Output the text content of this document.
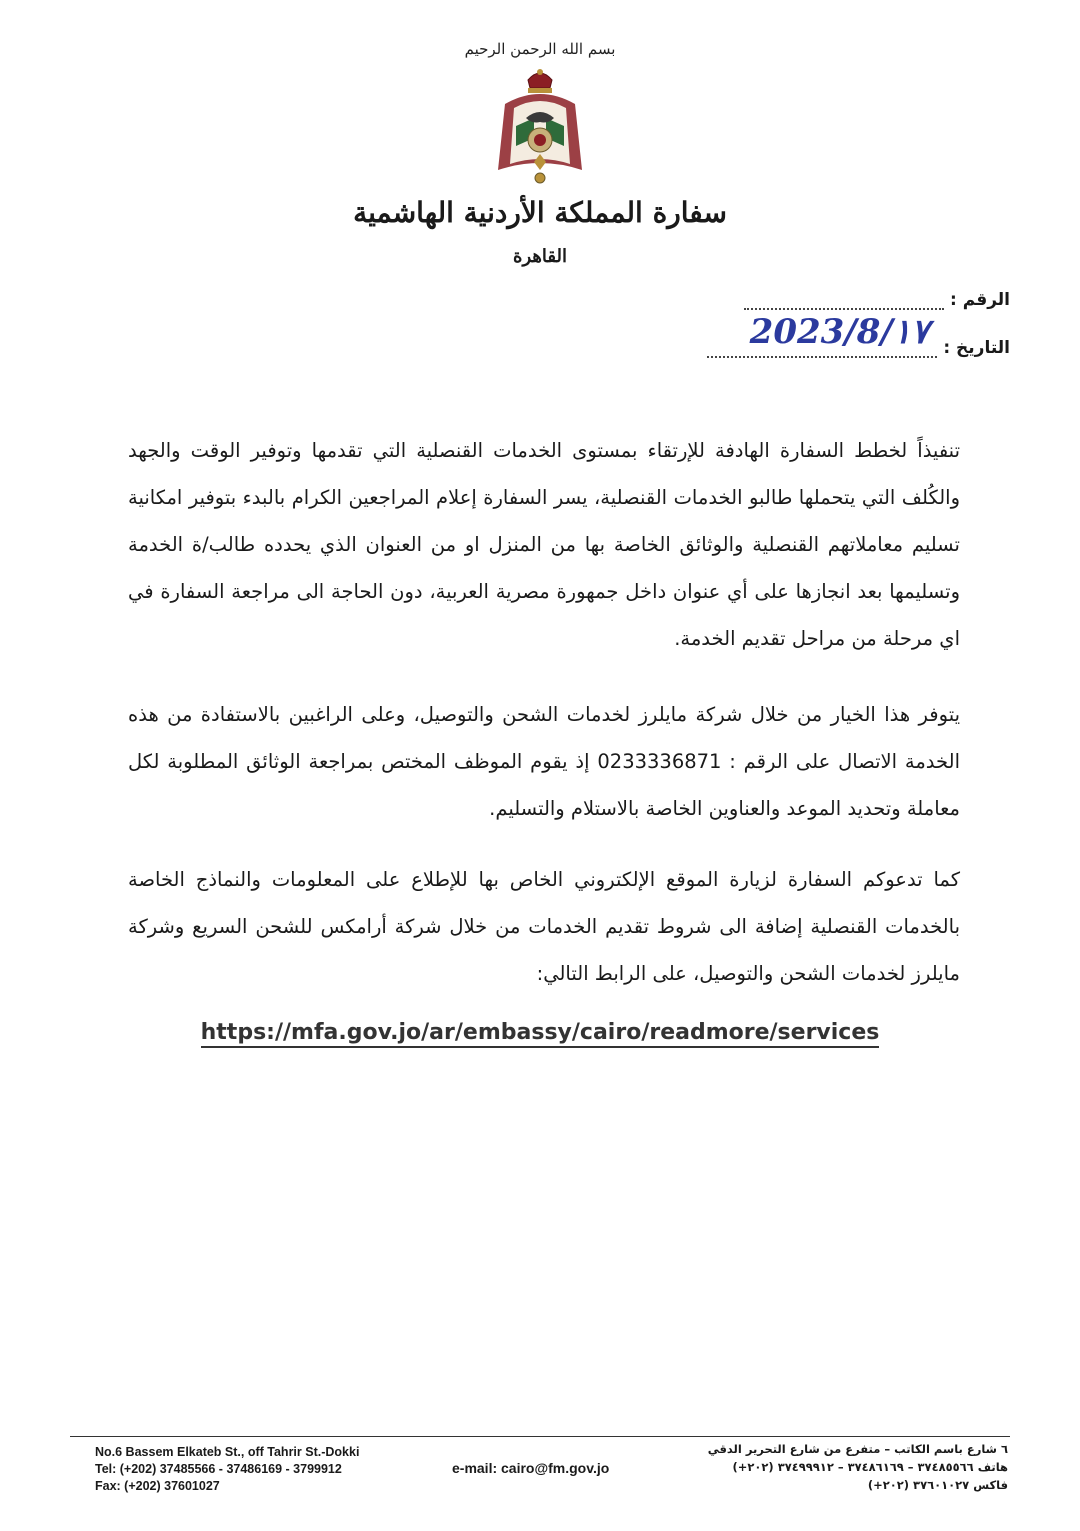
بسم الله الرحمن الرحيم
سفارة المملكة الأردنية الهاشمية
القاهرة
الرقم :
التاريخ :
2023/8/١٧
تنفيذاً لخطط السفارة الهادفة للإرتقاء بمستوى الخدمات القنصلية التي تقدمها وتوفير الوقت والجهد والكُلف التي يتحملها طالبو الخدمات القنصلية، يسر السفارة إعلام المراجعين الكرام بالبدء بتوفير امكانية تسليم معاملاتهم القنصلية والوثائق الخاصة بها من المنزل او من العنوان الذي يحدده طالب/ة الخدمة وتسليمها بعد انجازها على أي عنوان داخل جمهورة مصرية العربية، دون الحاجة الى مراجعة السفارة في اي مرحلة من مراحل تقديم الخدمة.
يتوفر هذا الخيار من خلال شركة مايلرز لخدمات الشحن والتوصيل، وعلى الراغبين بالاستفادة من هذه الخدمة الاتصال على الرقم : 0233336871 إذ يقوم الموظف المختص بمراجعة الوثائق المطلوبة لكل معاملة وتحديد الموعد والعناوين الخاصة بالاستلام والتسليم.
كما تدعوكم السفارة لزيارة الموقع الإلكتروني الخاص بها للإطلاع على المعلومات والنماذج الخاصة بالخدمات القنصلية إضافة الى شروط تقديم الخدمات من خلال شركة أرامكس للشحن السريع وشركة مايلرز لخدمات الشحن والتوصيل، على الرابط التالي:
https://mfa.gov.jo/ar/embassy/cairo/readmore/services
No.6 Bassem Elkateb St., off Tahrir St.-Dokki
Tel: (+202) 37485566 - 37486169 - 3799912
Fax: (+202) 37601027
e-mail: cairo@fm.gov.jo
٦ شارع باسم الكاتب – متفرع من شارع التحرير الدقي
هاتف ٣٧٤٨٥٥٦٦ – ٣٧٤٨٦١٦٩ – ٣٧٤٩٩٩١٢ (٢٠٢+)
فاكس ٣٧٦٠١٠٢٧ (٢٠٢+)
